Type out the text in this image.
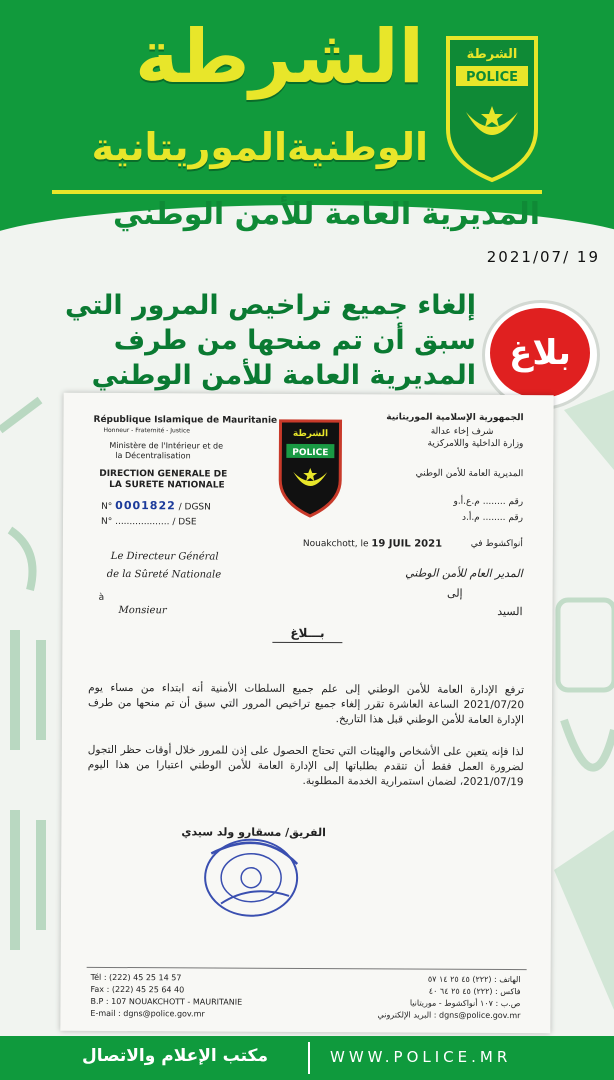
الشرطة
الوطنيةالموريتانية
المديرية العامة للأمن الوطني
الشرطة
POLICE
2021/07/ 19
إلغاء جميع تراخيص المرور التي سبق أن تم منحها من طرف المديرية العامة للأمن الوطني
بلاغ
République Islamique de Mauritanie
Honneur - Fraternité - Justice
Ministère de l'Intérieur et de
la Décentralisation
DIRECTION GENERALE DE
LA SURETE NATIONALE
N° 0001822 / DGSN
N° ................... / DSE
Le Directeur Général
de la Sûreté Nationale
à
Monsieur
الجمهورية الإسلامية الموريتانية
شرف إخاء عدالة
وزارة الداخلية واللامركزية
المديرية العامة للأمن الوطني
رقم ........ م.ع.أ.و
رقم ........ م.أ.د
الشرطة
POLICE
Nouakchott, le 19 JUIL 2021	أنواكشوط في
المدير العام للأمن الوطني
إلى
السيد
بـــلاغ
ترفع الإدارة العامة للأمن الوطني إلى علم جميع السلطات الأمنية أنه ابتداء من مساء يوم 2021/07/20 الساعة العاشرة تقرر إلغاء جميع تراخيص المرور التي سبق أن تم منحها من طرف الإدارة العامة للأمن الوطني قبل هذا التاريخ.
لذا فإنه يتعين على الأشخاص والهيئات التي تحتاج الحصول على إذن للمرور خلال أوقات حظر التجول لضرورة العمل فقط أن تتقدم بطلباتها إلى الإدارة العامة للأمن الوطني اعتبارا من هذا اليوم 2021/07/19، لضمان استمرارية الخدمة المطلوبة.
الفريق/ مسقارو ولد سيدي
Tél : (222) 45 25 14 57
Fax : (222) 45 25 64 40
B.P : 107 NOUAKCHOTT - MAURITANIE
E-mail : dgns@police.gov.mr
الهاتف : (٢٢٢) ٤٥ ٢٥ ١٤ ٥٧
فاكس : (٢٢٢) ٤٥ ٢٥ ٦٤ ٤٠
ص.ب : ١٠٧ أنواكشوط - موريتانيا
dgns@police.gov.mr : البريد الإلكتروني
مكتب الإعلام والاتصال	WWW.POLICE.MR
